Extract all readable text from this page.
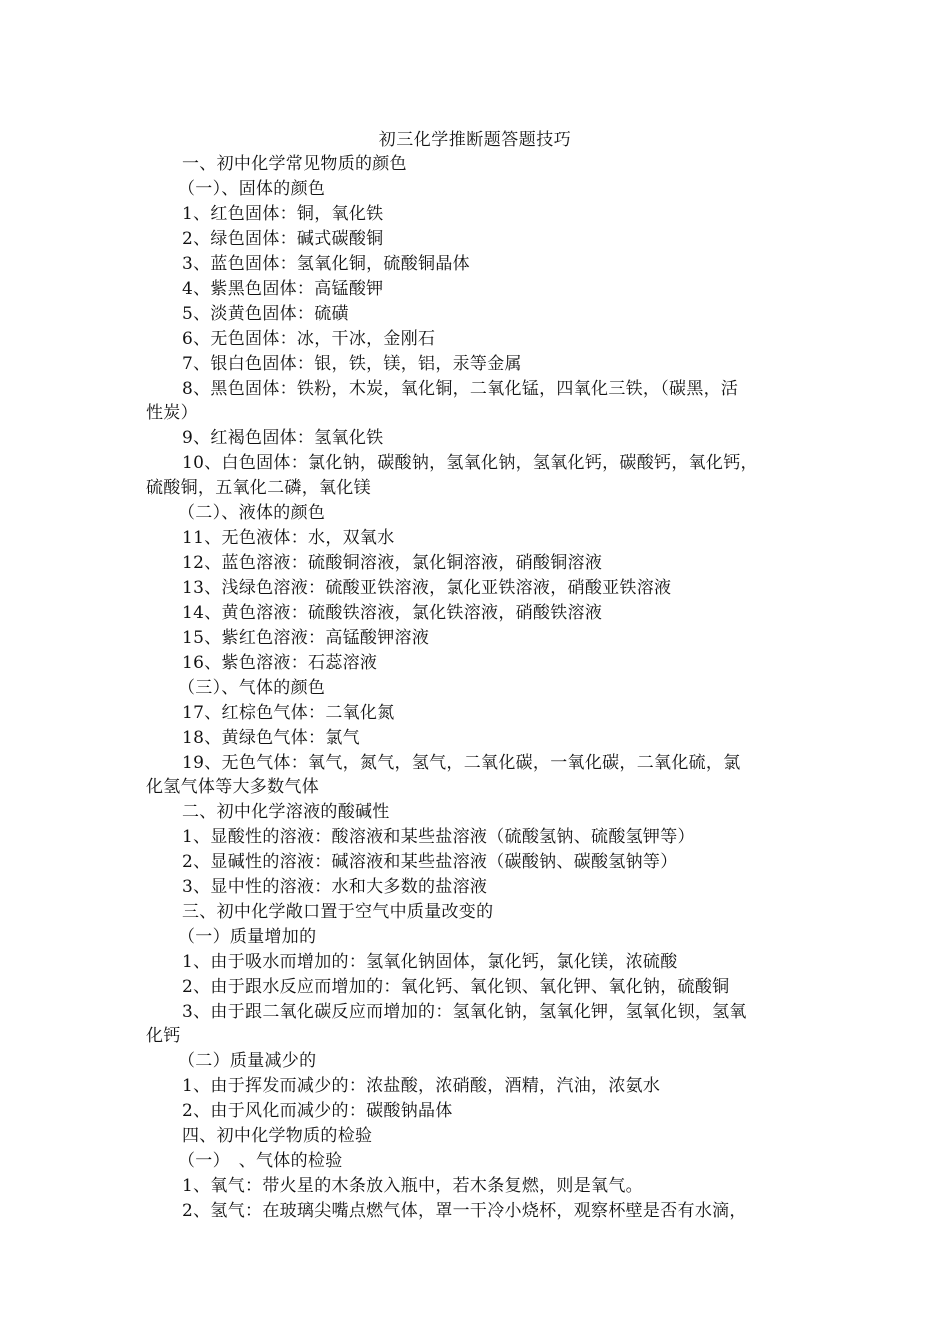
初三化学推断题答题技巧
一、初中化学常见物质的颜色
（一）、固体的颜色
1、红色固体：铜，氧化铁
2、绿色固体：碱式碳酸铜
3、蓝色固体：氢氧化铜，硫酸铜晶体
4、紫黑色固体：高锰酸钾
5、淡黄色固体：硫磺
6、无色固体：冰，干冰，金刚石
7、银白色固体：银，铁，镁，铝，汞等金属
8、黑色固体：铁粉，木炭，氧化铜，二氧化锰，四氧化三铁，（碳黑，活
性炭）
9、红褐色固体：氢氧化铁
10、白色固体：氯化钠，碳酸钠，氢氧化钠，氢氧化钙，碳酸钙，氧化钙，
硫酸铜，五氧化二磷，氧化镁
（二）、液体的颜色
11、无色液体：水，双氧水
12、蓝色溶液：硫酸铜溶液，氯化铜溶液，硝酸铜溶液
13、浅绿色溶液：硫酸亚铁溶液，氯化亚铁溶液，硝酸亚铁溶液
14、黄色溶液：硫酸铁溶液，氯化铁溶液，硝酸铁溶液
15、紫红色溶液：高锰酸钾溶液
16、紫色溶液：石蕊溶液
（三）、气体的颜色
17、红棕色气体：二氧化氮
18、黄绿色气体：氯气
19、无色气体：氧气，氮气，氢气，二氧化碳，一氧化碳，二氧化硫，氯
化氢气体等大多数气体
二、初中化学溶液的酸碱性
1、显酸性的溶液：酸溶液和某些盐溶液（硫酸氢钠、硫酸氢钾等）
2、显碱性的溶液：碱溶液和某些盐溶液（碳酸钠、碳酸氢钠等）
3、显中性的溶液：水和大多数的盐溶液
三、初中化学敞口置于空气中质量改变的
（一）质量增加的
1、由于吸水而增加的：氢氧化钠固体，氯化钙，氯化镁，浓硫酸
2、由于跟水反应而增加的：氧化钙、氧化钡、氧化钾、氧化钠，硫酸铜
3、由于跟二氧化碳反应而增加的：氢氧化钠，氢氧化钾，氢氧化钡，氢氧
化钙
（二）质量减少的
1、由于挥发而减少的：浓盐酸，浓硝酸，酒精，汽油，浓氨水
2、由于风化而减少的：碳酸钠晶体
四、初中化学物质的检验
（一）　、气体的检验
1、氧气：带火星的木条放入瓶中，若木条复燃，则是氧气。
2、氢气：在玻璃尖嘴点燃气体，罩一干冷小烧杯，观察杯壁是否有水滴，
